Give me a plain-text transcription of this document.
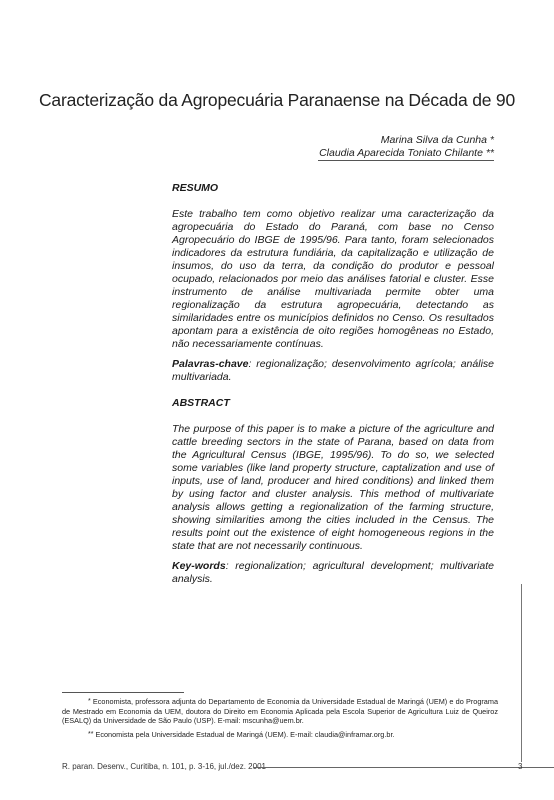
Caracterização da Agropecuária Paranaense na Década de 90
Marina Silva da Cunha *
Claudia Aparecida Toniato Chilante **

RESUMO

Este trabalho tem como objetivo realizar uma caracterização da agropecuária do Estado do Paraná, com base no Censo Agropecuário do IBGE de 1995/96. Para tanto, foram selecionados indicadores da estrutura fundiária, da capitalização e utilização de insumos, do uso da terra, da condição do produtor e pessoal ocupado, relacionados por meio das análises fatorial e cluster. Esse instrumento de análise multivariada permite obter uma regionalização da estrutura agropecuária, detectando as similaridades entre os municípios definidos no Censo. Os resultados apontam para a existência de oito regiões homogêneas no Estado, não necessariamente contínuas.

Palavras-chave: regionalização; desenvolvimento agrícola; análise multivariada.

ABSTRACT

The purpose of this paper is to make a picture of the agriculture and cattle breeding sectors in the state of Parana, based on data from the Agricultural Census (IBGE, 1995/96). To do so, we selected some variables (like land property structure, captalization and use of inputs, use of land, producer and hired conditions) and linked them by using factor and cluster analysis. This method of multivariate analysis allows getting a regionalization of the farming structure, showing similarities among the cities included in the Census. The results point out the existence of eight homogeneous regions in the state that are not necessarily continuous.

Key-words: regionalization; agricultural development; multivariate analysis.

* Economista, professora adjunta do Departamento de Economia da Universidade Estadual de Maringá (UEM) e do Programa de Mestrado em Economia da UEM, doutora do Direito em Economia Aplicada pela Escola Superior de Agricultura Luiz de Queiroz (ESALQ) da Universidade de São Paulo (USP). E-mail: mscunha@uem.br.

** Economista pela Universidade Estadual de Maringá (UEM). E-mail: claudia@inframar.org.br.

R. paran. Desenv., Curitiba, n. 101, p. 3-16, jul./dez. 2001	3
